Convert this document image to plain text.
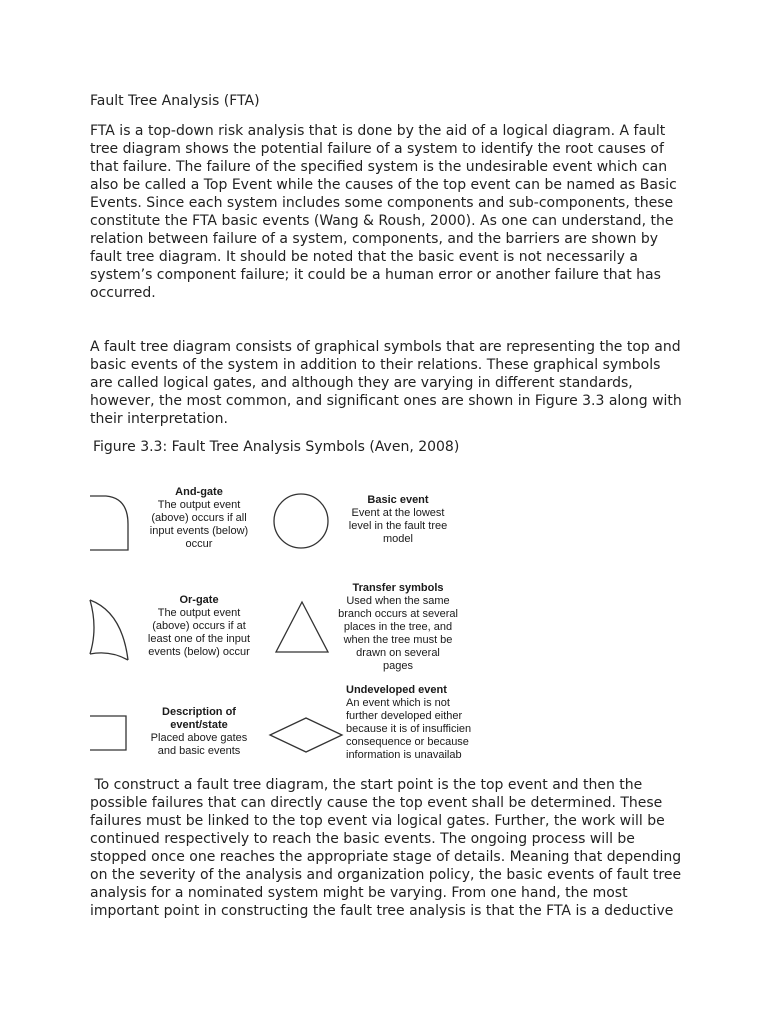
Fault Tree Analysis (FTA)

FTA is a top-down risk analysis that is done by the aid of a logical diagram. A fault
tree diagram shows the potential failure of a system to identify the root causes of
that failure. The failure of the specified system is the undesirable event which can
also be called a Top Event while the causes of the top event can be named as Basic
Events. Since each system includes some components and sub-components, these
constitute the FTA basic events (Wang & Roush, 2000). As one can understand, the
relation between failure of a system, components, and the barriers are shown by
fault tree diagram. It should be noted that the basic event is not necessarily a
system’s component failure; it could be a human error or another failure that has
occurred.

A fault tree diagram consists of graphical symbols that are representing the top and
basic events of the system in addition to their relations. These graphical symbols
are called logical gates, and although they are varying in different standards,
however, the most common, and significant ones are shown in Figure 3.3 along with
their interpretation.

Figure 3.3: Fault Tree Analysis Symbols (Aven, 2008)
And-gate
The output event
(above) occurs if all
input events (below)
occur
Basic event
Event at the lowest
level in the fault tree
model
Or-gate
The output event
(above) occurs if at
least one of the input
events (below) occur
Transfer symbols
Used when the same
branch occurs at several
places in the tree, and
when the tree must be
drawn on several
pages
Description of
event/state
Placed above gates
and basic events
Undeveloped event
An event which is not
further developed either
because it is of insufficien
consequence or because
information is unavailab

To construct a fault tree diagram, the start point is the top event and then the
possible failures that can directly cause the top event shall be determined. These
failures must be linked to the top event via logical gates. Further, the work will be
continued respectively to reach the basic events. The ongoing process will be
stopped once one reaches the appropriate stage of details. Meaning that depending
on the severity of the analysis and organization policy, the basic events of fault tree
analysis for a nominated system might be varying. From one hand, the most
important point in constructing the fault tree analysis is that the FTA is a deductive
